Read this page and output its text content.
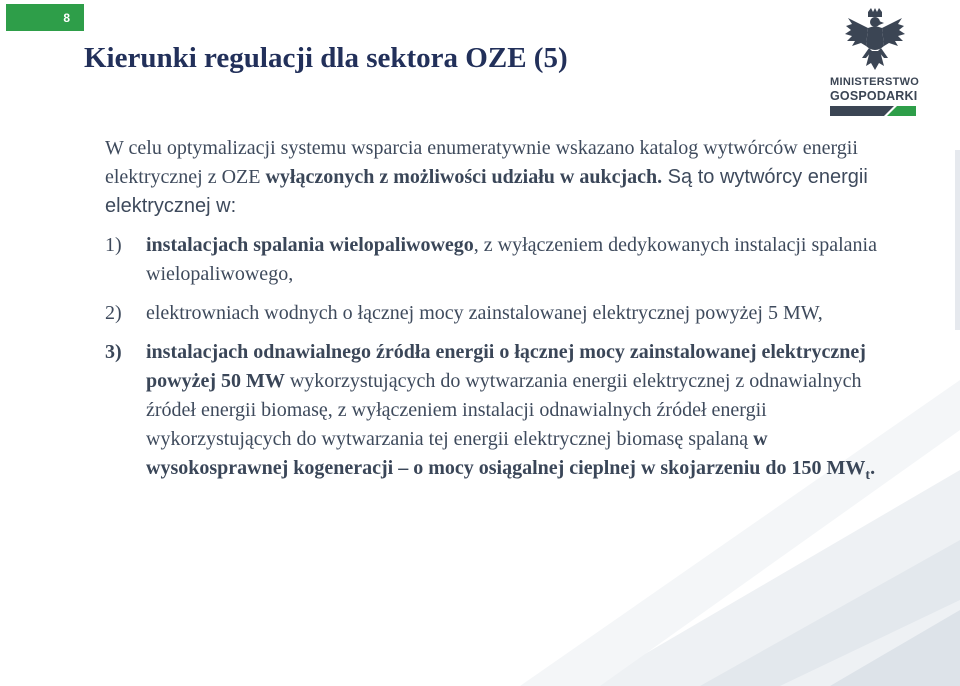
8
Kierunki regulacji dla sektora OZE (5)
MINISTERSTWO
GOSPODARKI

W celu optymalizacji systemu wsparcia enumeratywnie wskazano katalog wytwórców energii elektrycznej z OZE wyłączonych z możliwości udziału w aukcjach. Są to wytwórcy energii elektrycznej w:

1)	instalacjach spalania wielopaliwowego, z wyłączeniem dedykowanych instalacji spalania wielopaliwowego,
2)	elektrowniach wodnych o łącznej mocy zainstalowanej elektrycznej powyżej 5 MW,
3)	instalacjach odnawialnego źródła energii o łącznej mocy zainstalowanej elektrycznej powyżej 50 MW wykorzystujących do wytwarzania energii elektrycznej z odnawialnych źródeł energii biomasę, z wyłączeniem instalacji odnawialnych źródeł energii wykorzystujących do wytwarzania tej energii elektrycznej biomasę spalaną w wysokosprawnej kogeneracji – o mocy osiągalnej cieplnej w skojarzeniu do 150 $MW_t$.
